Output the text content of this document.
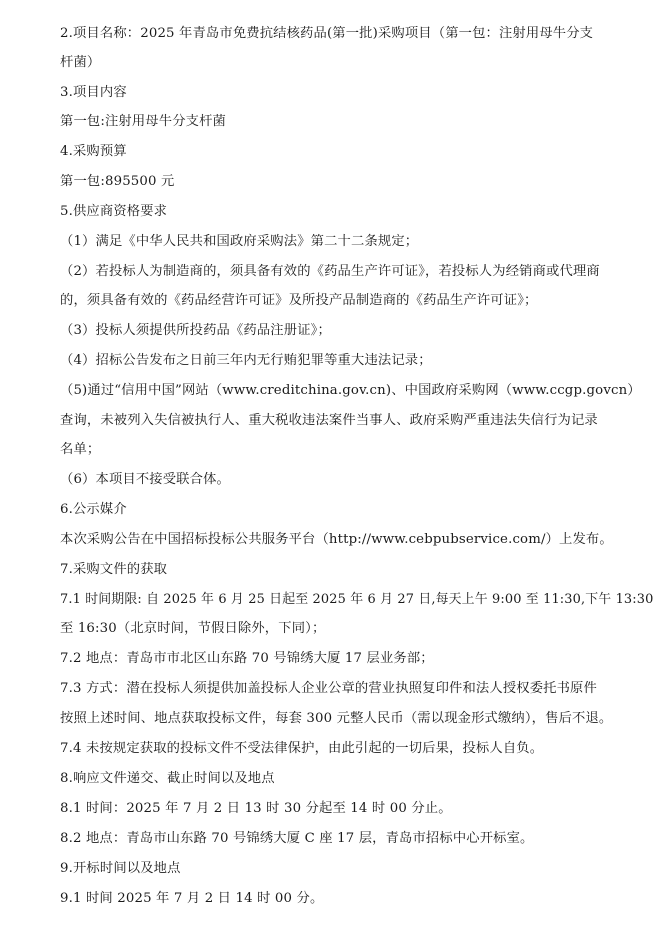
2.项目名称：2025 年青岛市免费抗结核药品(第一批)采购项目（第一包：注射用母牛分支
杆菌）
3.项目内容
第一包:注射用母牛分支杆菌
4.采购预算
第一包:895500 元
5.供应商资格要求
（1）满足《中华人民共和国政府采购法》第二十二条规定；
（2）若投标人为制造商的，须具备有效的《药品生产许可证》，若投标人为经销商或代理商
的，须具备有效的《药品经营许可证》及所投产品制造商的《药品生产许可证》；
（3）投标人须提供所投药品《药品注册证》；
（4）招标公告发布之日前三年内无行贿犯罪等重大违法记录；
（5)通过“信用中国”网站（www.creditchina.gov.cn)、中国政府采购网（www.ccgp.govcn）
查询，未被列入失信被执行人、重大税收违法案件当事人、政府采购严重违法失信行为记录
名单；
（6）本项目不接受联合体。
6.公示媒介
本次采购公告在中国招标投标公共服务平台（http://www.cebpubservice.com/）上发布。
7.采购文件的获取
7.1 时间期限: 自 2025 年 6 月 25 日起至 2025 年 6 月 27 日,每天上午 9:00 至 11:30,下午 13:30
至 16:30（北京时间，节假日除外，下同）；
7.2 地点：青岛市市北区山东路 70 号锦绣大厦 17 层业务部；
7.3 方式：潜在投标人须提供加盖投标人企业公章的营业执照复印件和法人授权委托书原件
按照上述时间、地点获取投标文件，每套 300 元整人民币（需以现金形式缴纳），售后不退。
7.4 未按规定获取的投标文件不受法律保护，由此引起的一切后果，投标人自负。
8.响应文件递交、截止时间以及地点
8.1 时间：2025 年 7 月 2 日 13 时 30 分起至 14 时 00 分止。
8.2 地点：青岛市山东路 70 号锦绣大厦 C 座 17 层，青岛市招标中心开标室。
9.开标时间以及地点
9.1 时间 2025 年 7 月 2 日 14 时 00 分。
